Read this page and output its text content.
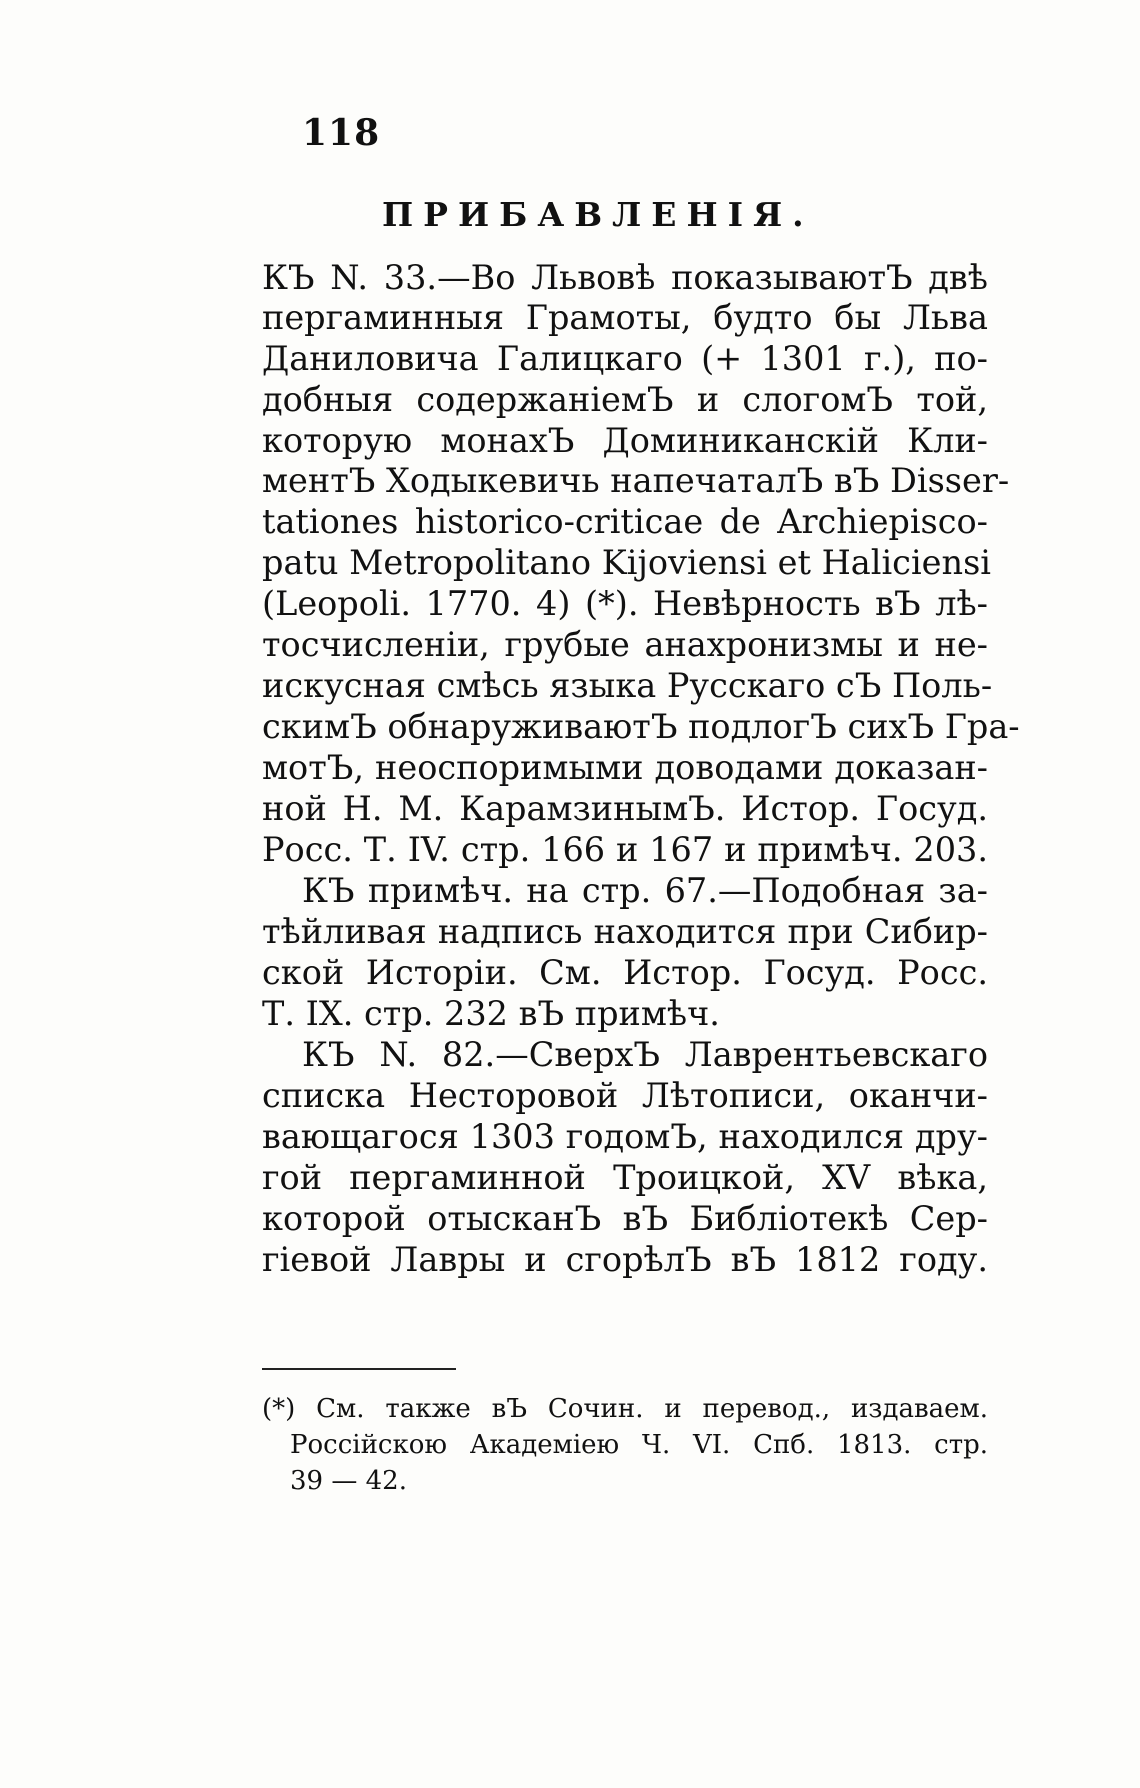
118
ПРИБАВЛЕНІЯ.
КЪ N. 33.—Во Львовѣ показываютЪ двѣ
пергаминныя Грамоты, будто бы Льва
Даниловича Галицкаго (+ 1301 г.), по-
добныя содержаніемЪ и слогомЪ той,
которую монахЪ Доминиканскій Кли-
ментЪ Ходыкевичь напечаталЪ вЪ Disser-
tationes historico-criticae de Archiepisco-
patu Metropolitano Kijoviensi et Haliciensi
(Leopoli. 1770. 4) (*). Невѣрность вЪ лѣ-
тосчисленіи, грубые анахронизмы и не-
искусная смѣсь языка Русскаго сЪ Поль-
скимЪ обнаруживаютЪ подлогЪ сихЪ Гра-
мотЪ, неоспоримыми доводами доказан-
ной Н. М. КарамзинымЪ. Истор. Госуд.
Росс. Т. IV. стр. 166 и 167 и примѣч. 203.
КЪ примѣч. на стр. 67.—Подобная за-
тѣйливая надпись находится при Сибир-
ской Исторіи. См. Истор. Госуд. Росс.
Т. IX. стр. 232 вЪ примѣч.
КЪ N. 82.—СверхЪ Лаврентьевскаго
списка Несторовой Лѣтописи, оканчи-
вающагося 1303 годомЪ, находился дру-
гой пергаминной Троицкой, XV вѣка,
которой отысканЪ вЪ Библіотекѣ Сер-
гіевой Лавры и сгорѣлЪ вЪ 1812 году.
(*) См. также вЪ Сочин. и перевод., издаваем.
Россійскою Академіею Ч. VI. Спб. 1813. стр.
39 — 42.
